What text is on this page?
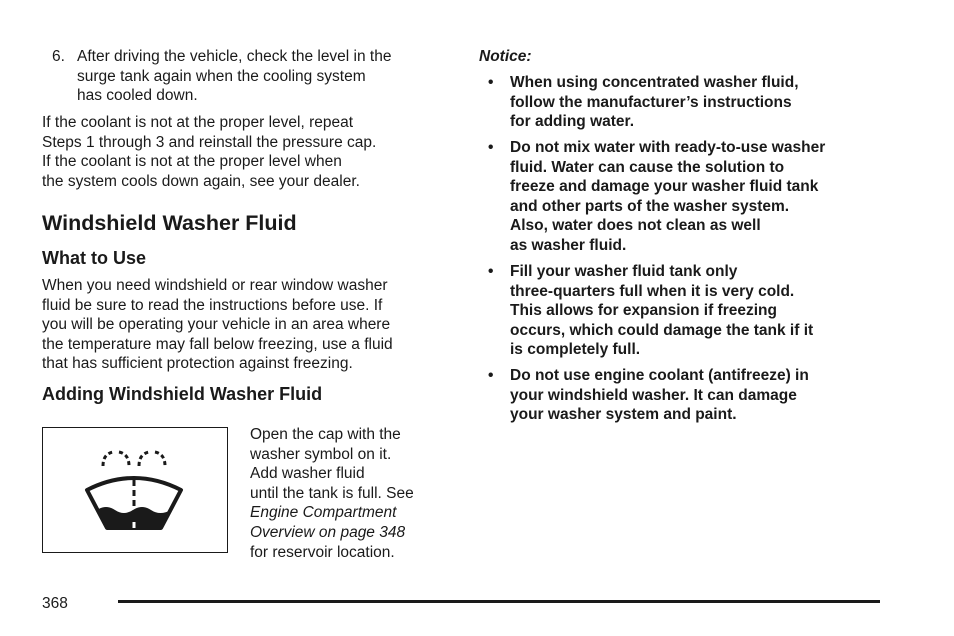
6. After driving the vehicle, check the level in the
surge tank again when the cooling system
has cooled down.
If the coolant is not at the proper level, repeat
Steps 1 through 3 and reinstall the pressure cap.
If the coolant is not at the proper level when
the system cools down again, see your dealer.
Windshield Washer Fluid
What to Use
When you need windshield or rear window washer
fluid be sure to read the instructions before use. If
you will be operating your vehicle in an area where
the temperature may fall below freezing, use a fluid
that has sufficient protection against freezing.
Adding Windshield Washer Fluid
Open the cap with the
washer symbol on it.
Add washer fluid
until the tank is full. See
Engine Compartment
Overview on page 348
for reservoir location.
Notice:
• When using concentrated washer fluid,
follow the manufacturer’s instructions
for adding water.
• Do not mix water with ready-to-use washer
fluid. Water can cause the solution to
freeze and damage your washer fluid tank
and other parts of the washer system.
Also, water does not clean as well
as washer fluid.
• Fill your washer fluid tank only
three-quarters full when it is very cold.
This allows for expansion if freezing
occurs, which could damage the tank if it
is completely full.
• Do not use engine coolant (antifreeze) in
your windshield washer. It can damage
your washer system and paint.
368
